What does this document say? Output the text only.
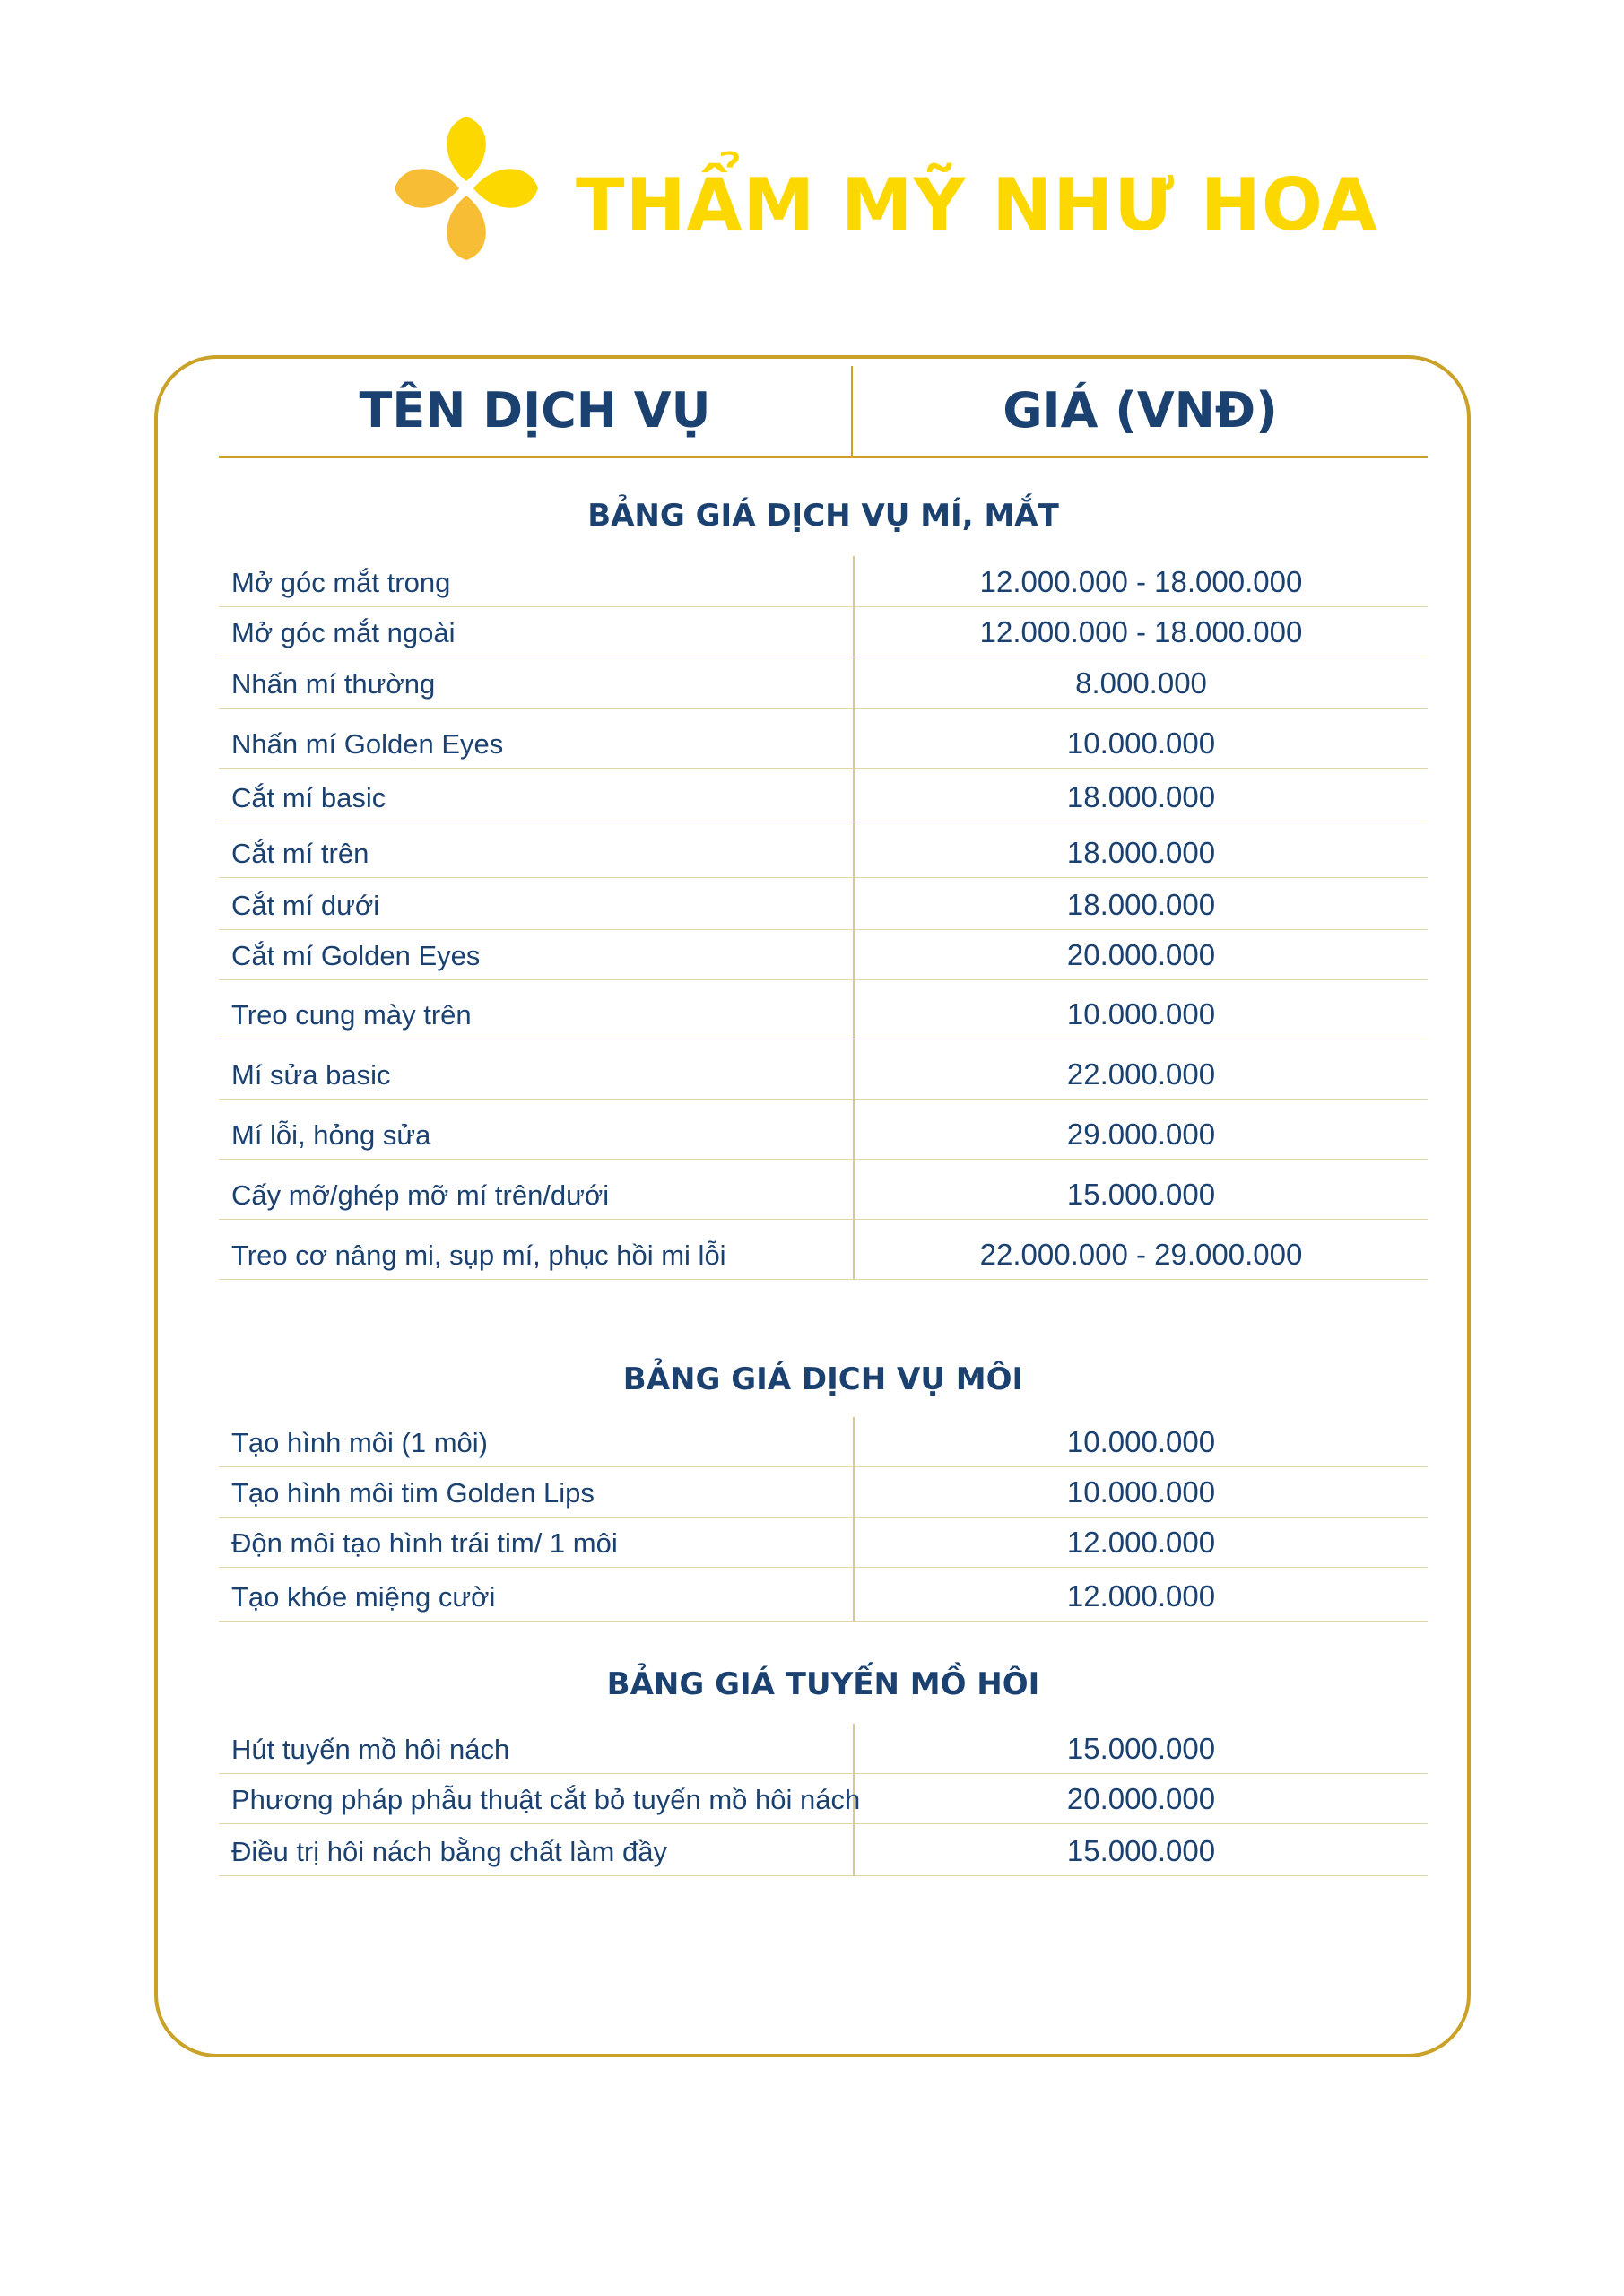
THẨM MỸ NHƯ HOA
TÊN DỊCH VỤ	GIÁ (VNĐ)
BẢNG GIÁ DỊCH VỤ MÍ, MẮT
Mở góc mắt trong	12.000.000 - 18.000.000
Mở góc mắt ngoài	12.000.000 - 18.000.000
Nhấn mí thường	8.000.000
Nhấn mí Golden Eyes	10.000.000
Cắt mí basic	18.000.000
Cắt mí trên	18.000.000
Cắt mí dưới	18.000.000
Cắt mí Golden Eyes	20.000.000
Treo cung mày trên	10.000.000
Mí sửa basic	22.000.000
Mí lỗi, hỏng sửa	29.000.000
Cấy mỡ/ghép mỡ mí trên/dưới	15.000.000
Treo cơ nâng mi, sụp mí, phục hồi mi lỗi	22.000.000 - 29.000.000
BẢNG GIÁ DỊCH VỤ MÔI
Tạo hình môi (1 môi)	10.000.000
Tạo hình môi tim Golden Lips	10.000.000
Độn môi tạo hình trái tim/ 1 môi	12.000.000
Tạo khóe miệng cười	12.000.000
BẢNG GIÁ TUYẾN MỒ HÔI
Hút tuyến mồ hôi nách	15.000.000
Phương pháp phẫu thuật cắt bỏ tuyến mồ hôi nách	20.000.000
Điều trị hôi nách bằng chất làm đầy	15.000.000
